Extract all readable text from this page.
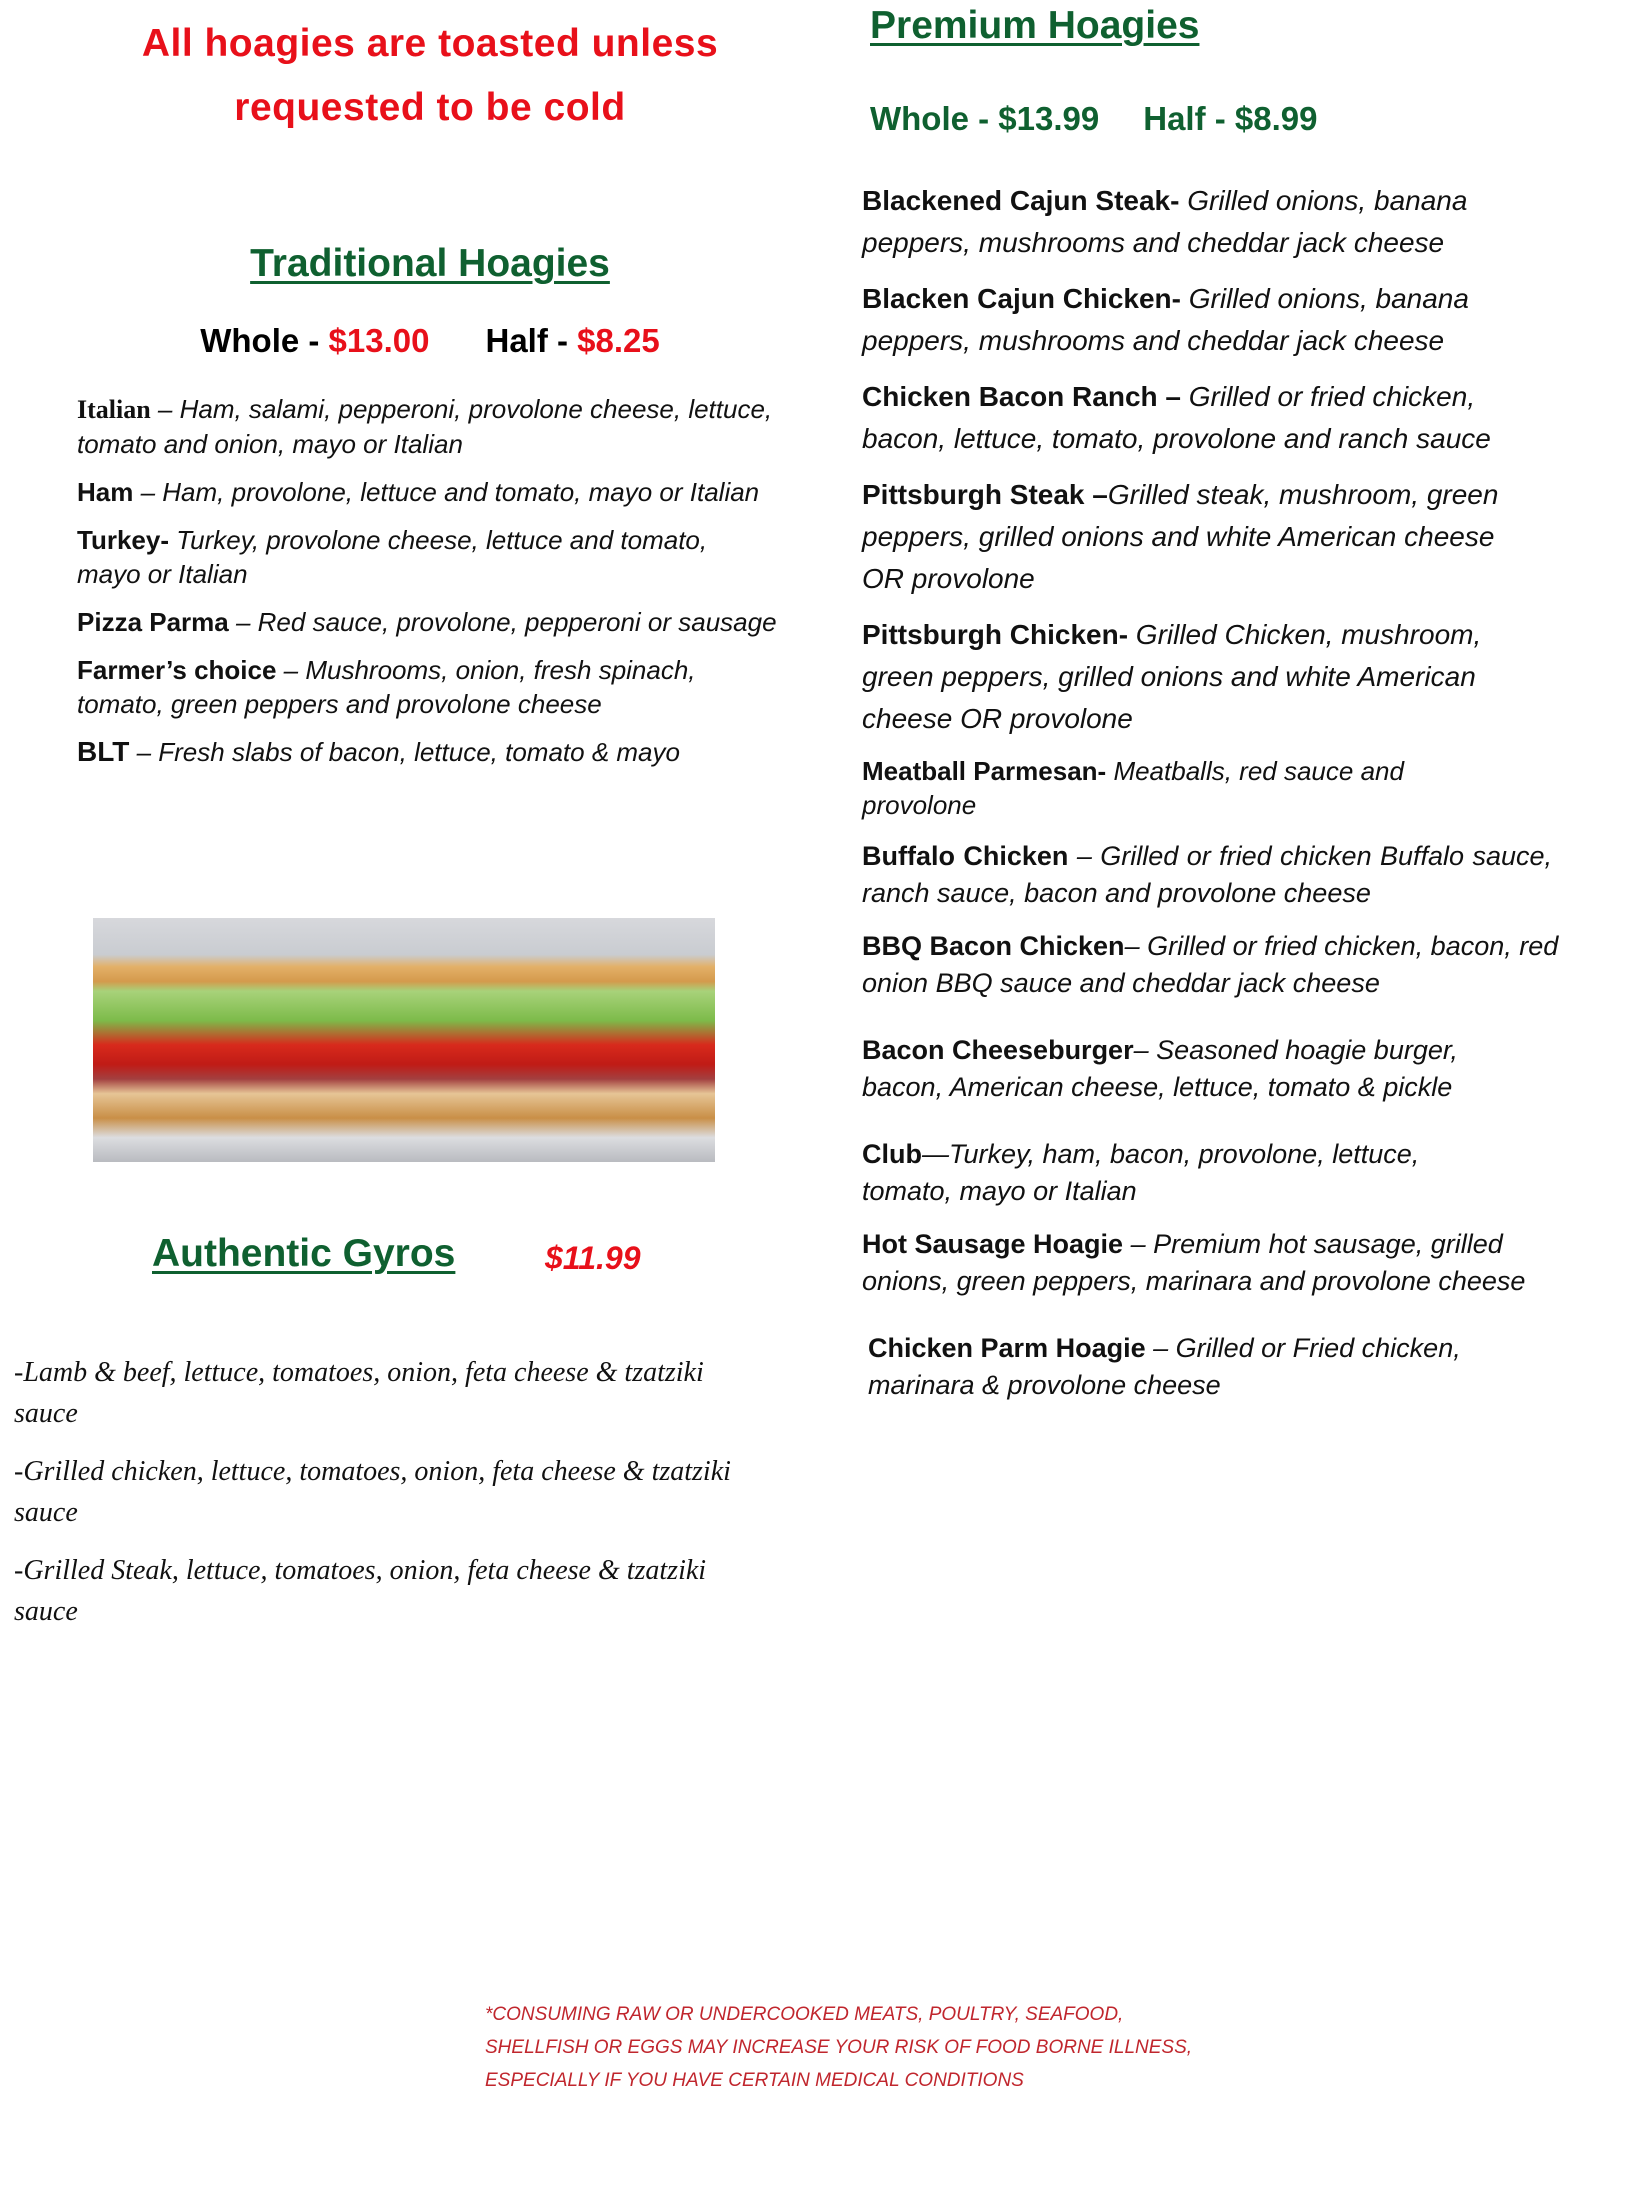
All hoagies are toasted unless
requested to be cold
Traditional Hoagies
Whole - $13.00 Half - $8.25
Italian – Ham, salami, pepperoni, provolone cheese, lettuce, tomato and onion, mayo or Italian
Ham – Ham, provolone, lettuce and tomato, mayo or Italian
Turkey- Turkey, provolone cheese, lettuce and tomato, mayo or Italian
Pizza Parma – Red sauce, provolone, pepperoni or sausage
Farmer’s choice – Mushrooms, onion, fresh spinach, tomato, green peppers and provolone cheese
BLT – Fresh slabs of bacon, lettuce, tomato & mayo
Authentic Gyros	$11.99
-Lamb & beef, lettuce, tomatoes, onion, feta cheese & tzatziki sauce
-Grilled chicken, lettuce, tomatoes, onion, feta cheese & tzatziki sauce
-Grilled Steak, lettuce, tomatoes, onion, feta cheese & tzatziki sauce
Premium Hoagies
Whole - $13.99 Half - $8.99
Blackened Cajun Steak- Grilled onions, banana peppers, mushrooms and cheddar jack cheese
Blacken Cajun Chicken- Grilled onions, banana peppers, mushrooms and cheddar jack cheese
Chicken Bacon Ranch – Grilled or fried chicken, bacon, lettuce, tomato, provolone and ranch sauce
Pittsburgh Steak –Grilled steak, mushroom, green peppers, grilled onions and white American cheese OR provolone
Pittsburgh Chicken- Grilled Chicken, mushroom, green peppers, grilled onions and white American cheese OR provolone
Meatball Parmesan- Meatballs, red sauce and provolone
Buffalo Chicken – Grilled or fried chicken Buffalo sauce, ranch sauce, bacon and provolone cheese
BBQ Bacon Chicken– Grilled or fried chicken, bacon, red onion BBQ sauce and cheddar jack cheese
Bacon Cheeseburger– Seasoned hoagie burger, bacon, American cheese, lettuce, tomato & pickle
Club—Turkey, ham, bacon, provolone, lettuce, tomato, mayo or Italian
Hot Sausage Hoagie – Premium hot sausage, grilled onions, green peppers, marinara and provolone cheese
Chicken Parm Hoagie – Grilled or Fried chicken, marinara & provolone cheese
*CONSUMING RAW OR UNDERCOOKED MEATS, POULTRY, SEAFOOD,
SHELLFISH OR EGGS MAY INCREASE YOUR RISK OF FOOD BORNE ILLNESS,
ESPECIALLY IF YOU HAVE CERTAIN MEDICAL CONDITIONS
